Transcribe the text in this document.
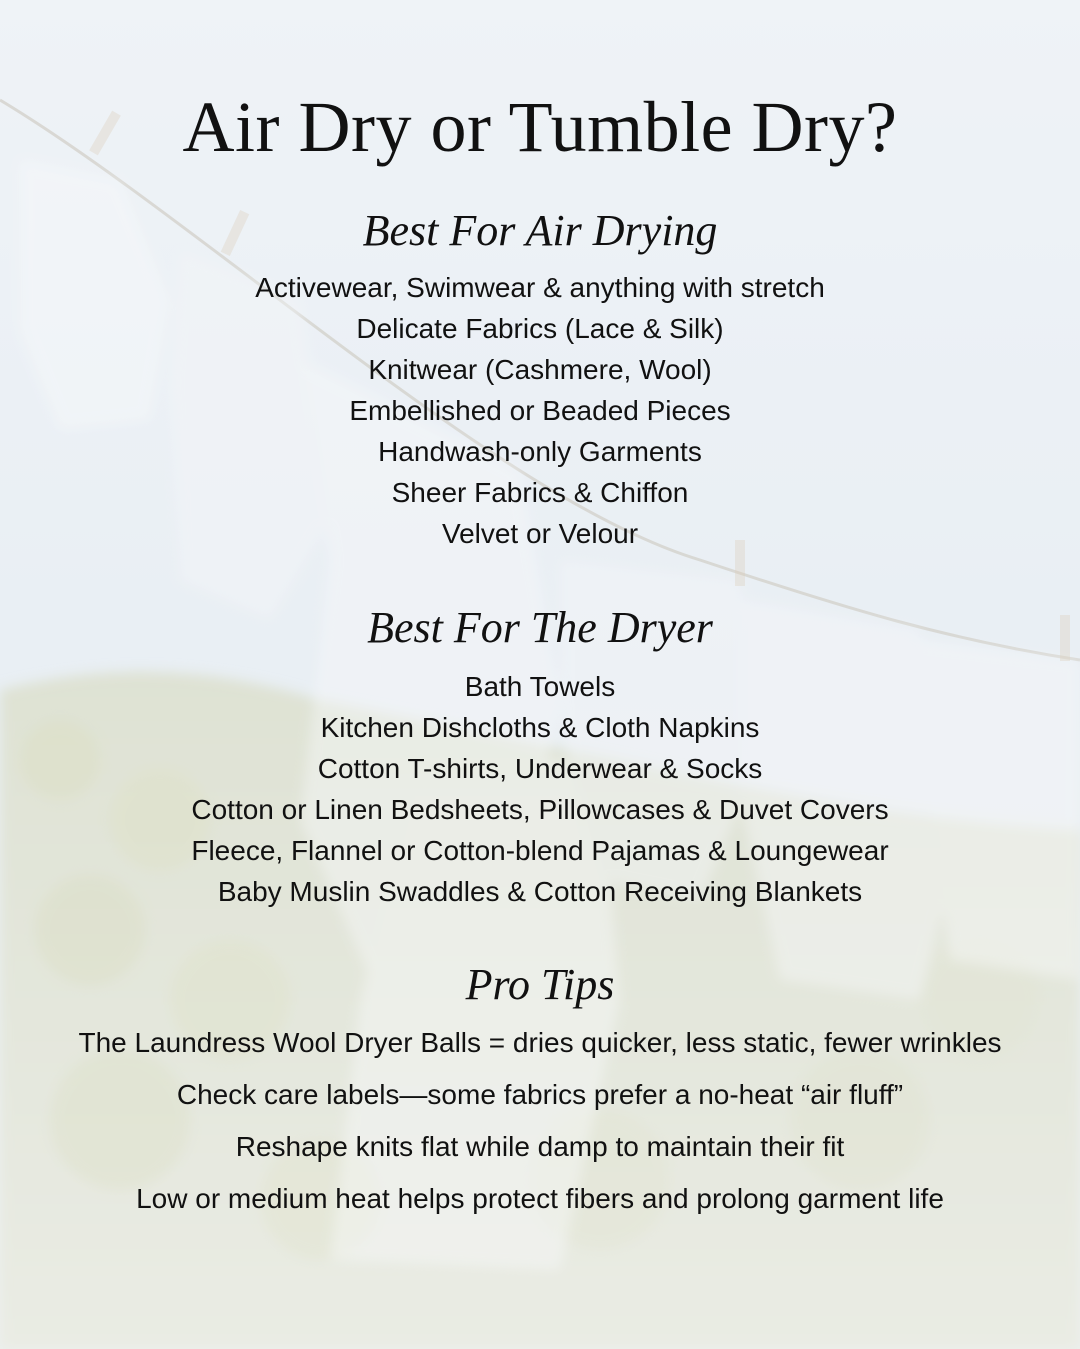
Air Dry or Tumble Dry?
Best For Air Drying
Activewear, Swimwear & anything with stretch
Delicate Fabrics (Lace & Silk)
Knitwear (Cashmere, Wool)
Embellished or Beaded Pieces
Handwash-only Garments
Sheer Fabrics & Chiffon
Velvet or Velour
Best For The Dryer
Bath Towels
Kitchen Dishcloths & Cloth Napkins
Cotton T-shirts, Underwear & Socks
Cotton or Linen Bedsheets, Pillowcases & Duvet Covers
Fleece, Flannel or Cotton-blend Pajamas & Loungewear
Baby Muslin Swaddles & Cotton Receiving Blankets
Pro Tips
The Laundress Wool Dryer Balls = dries quicker, less static, fewer wrinkles
Check care labels—some fabrics prefer a no-heat “air fluff”
Reshape knits flat while damp to maintain their fit
Low or medium heat helps protect fibers and prolong garment life
